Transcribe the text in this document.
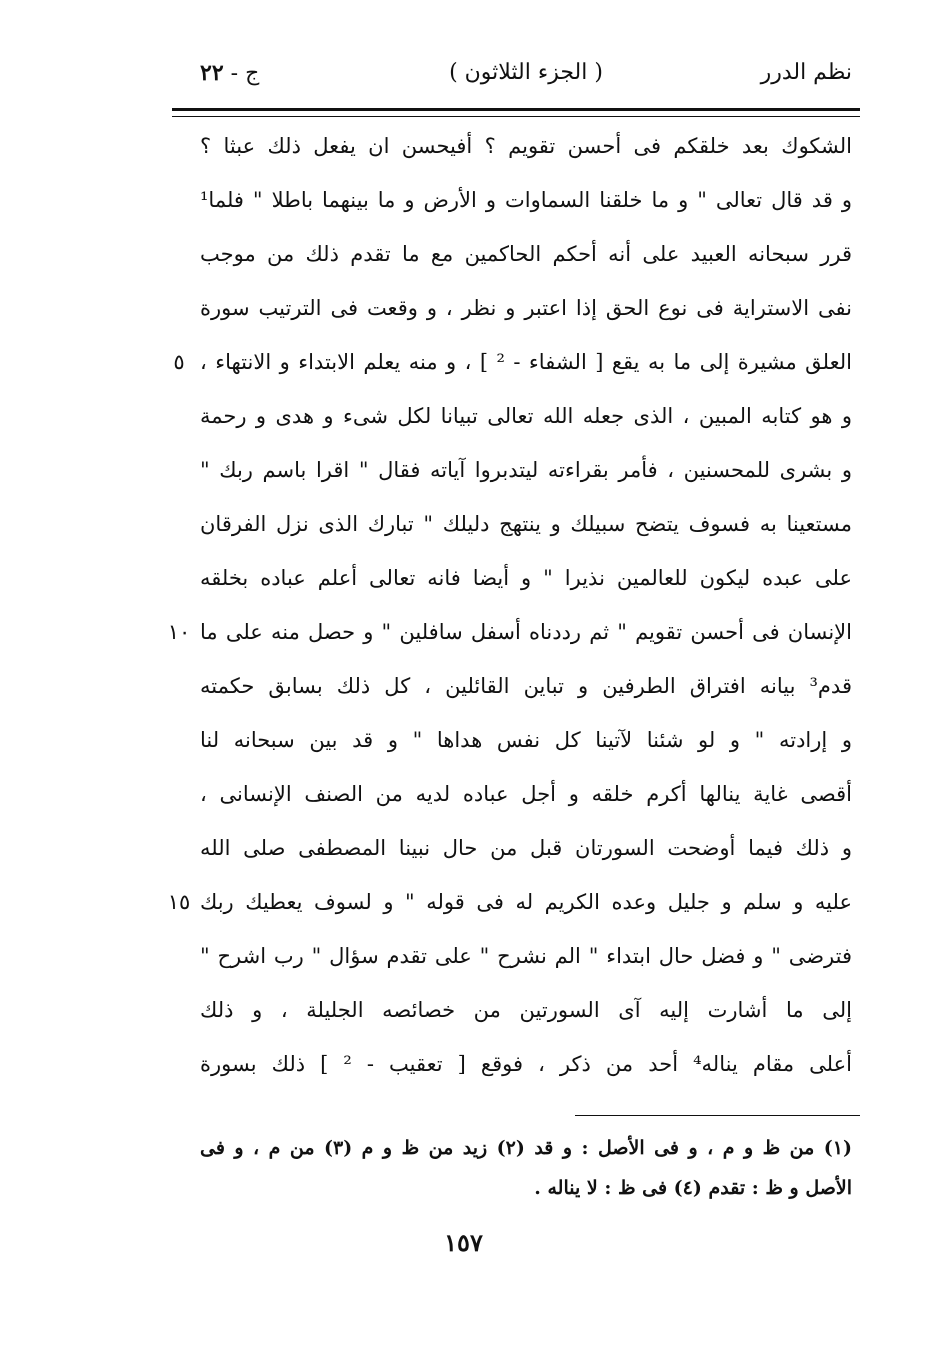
نظم الدرر
( الجزء الثلاثون )
ج - ٢٢
الشكوك بعد خلقكم فى أحسن تقويم ؟ أفيحسن ان يفعل ذلك عبثا ؟
و قد قال تعالى " و ما خلقنا السماوات و الأرض و ما بينهما باطلا " فلما¹
قرر سبحانه العبيد على أنه أحكم الحاكمين مع ما تقدم ذلك من موجب
نفى الاستراية فى نوع الحق إذا اعتبر و نظر ، و وقعت فى الترتيب سورة
العلق مشيرة إلى ما به يقع [ الشفاء - ² ] ، و منه يعلم الابتداء و الانتهاء ،
٥
و هو كتابه المبين ، الذى جعله الله تعالى تبيانا لكل شىء و هدى و رحمة
و بشرى للمحسنين ، فأمر بقراءته ليتدبروا آياته فقال " اقرا باسم ربك "
مستعينا به فسوف يتضح سبيلك و ينتهج دليلك " تبارك الذى نزل الفرقان
على عبده ليكون للعالمين نذيرا " و أيضا فانه تعالى أعلم عباده بخلقه
الإنسان فى أحسن تقويم " ثم رددناه أسفل سافلين " و حصل منه على ما
١٠
قدم³ بيانه افتراق الطرفين و تباين القائلين ، كل ذلك بسابق حكمته
و إرادته " و لو شئنا لآتينا كل نفس هداها " و قد بين سبحانه لنا
أقصى غاية ينالها أكرم خلقه و أجل عباده لديه من الصنف الإنسانى ،
و ذلك فيما أوضحت السورتان قبل من حال نبينا المصطفى صلى الله
عليه و سلم و جليل وعده الكريم له فى قوله " و لسوف يعطيك ربك
١٥
فترضى " و فضل حال ابتداء " الم نشرح " على تقدم سؤال " رب اشرح "
إلى ما أشارت إليه آى السورتين من خصائصه الجليلة ، و ذلك
أعلى مقام يناله⁴ أحد من ذكر ، فوقع [ تعقيب - ² ] ذلك بسورة
(١) من ظ و م ، و فى الأصل : و قد (٢) زيد من ظ و م (٣) من م ، و فى
الأصل و ظ : تقدم (٤) فى ظ : لا يناله .
١٥٧
